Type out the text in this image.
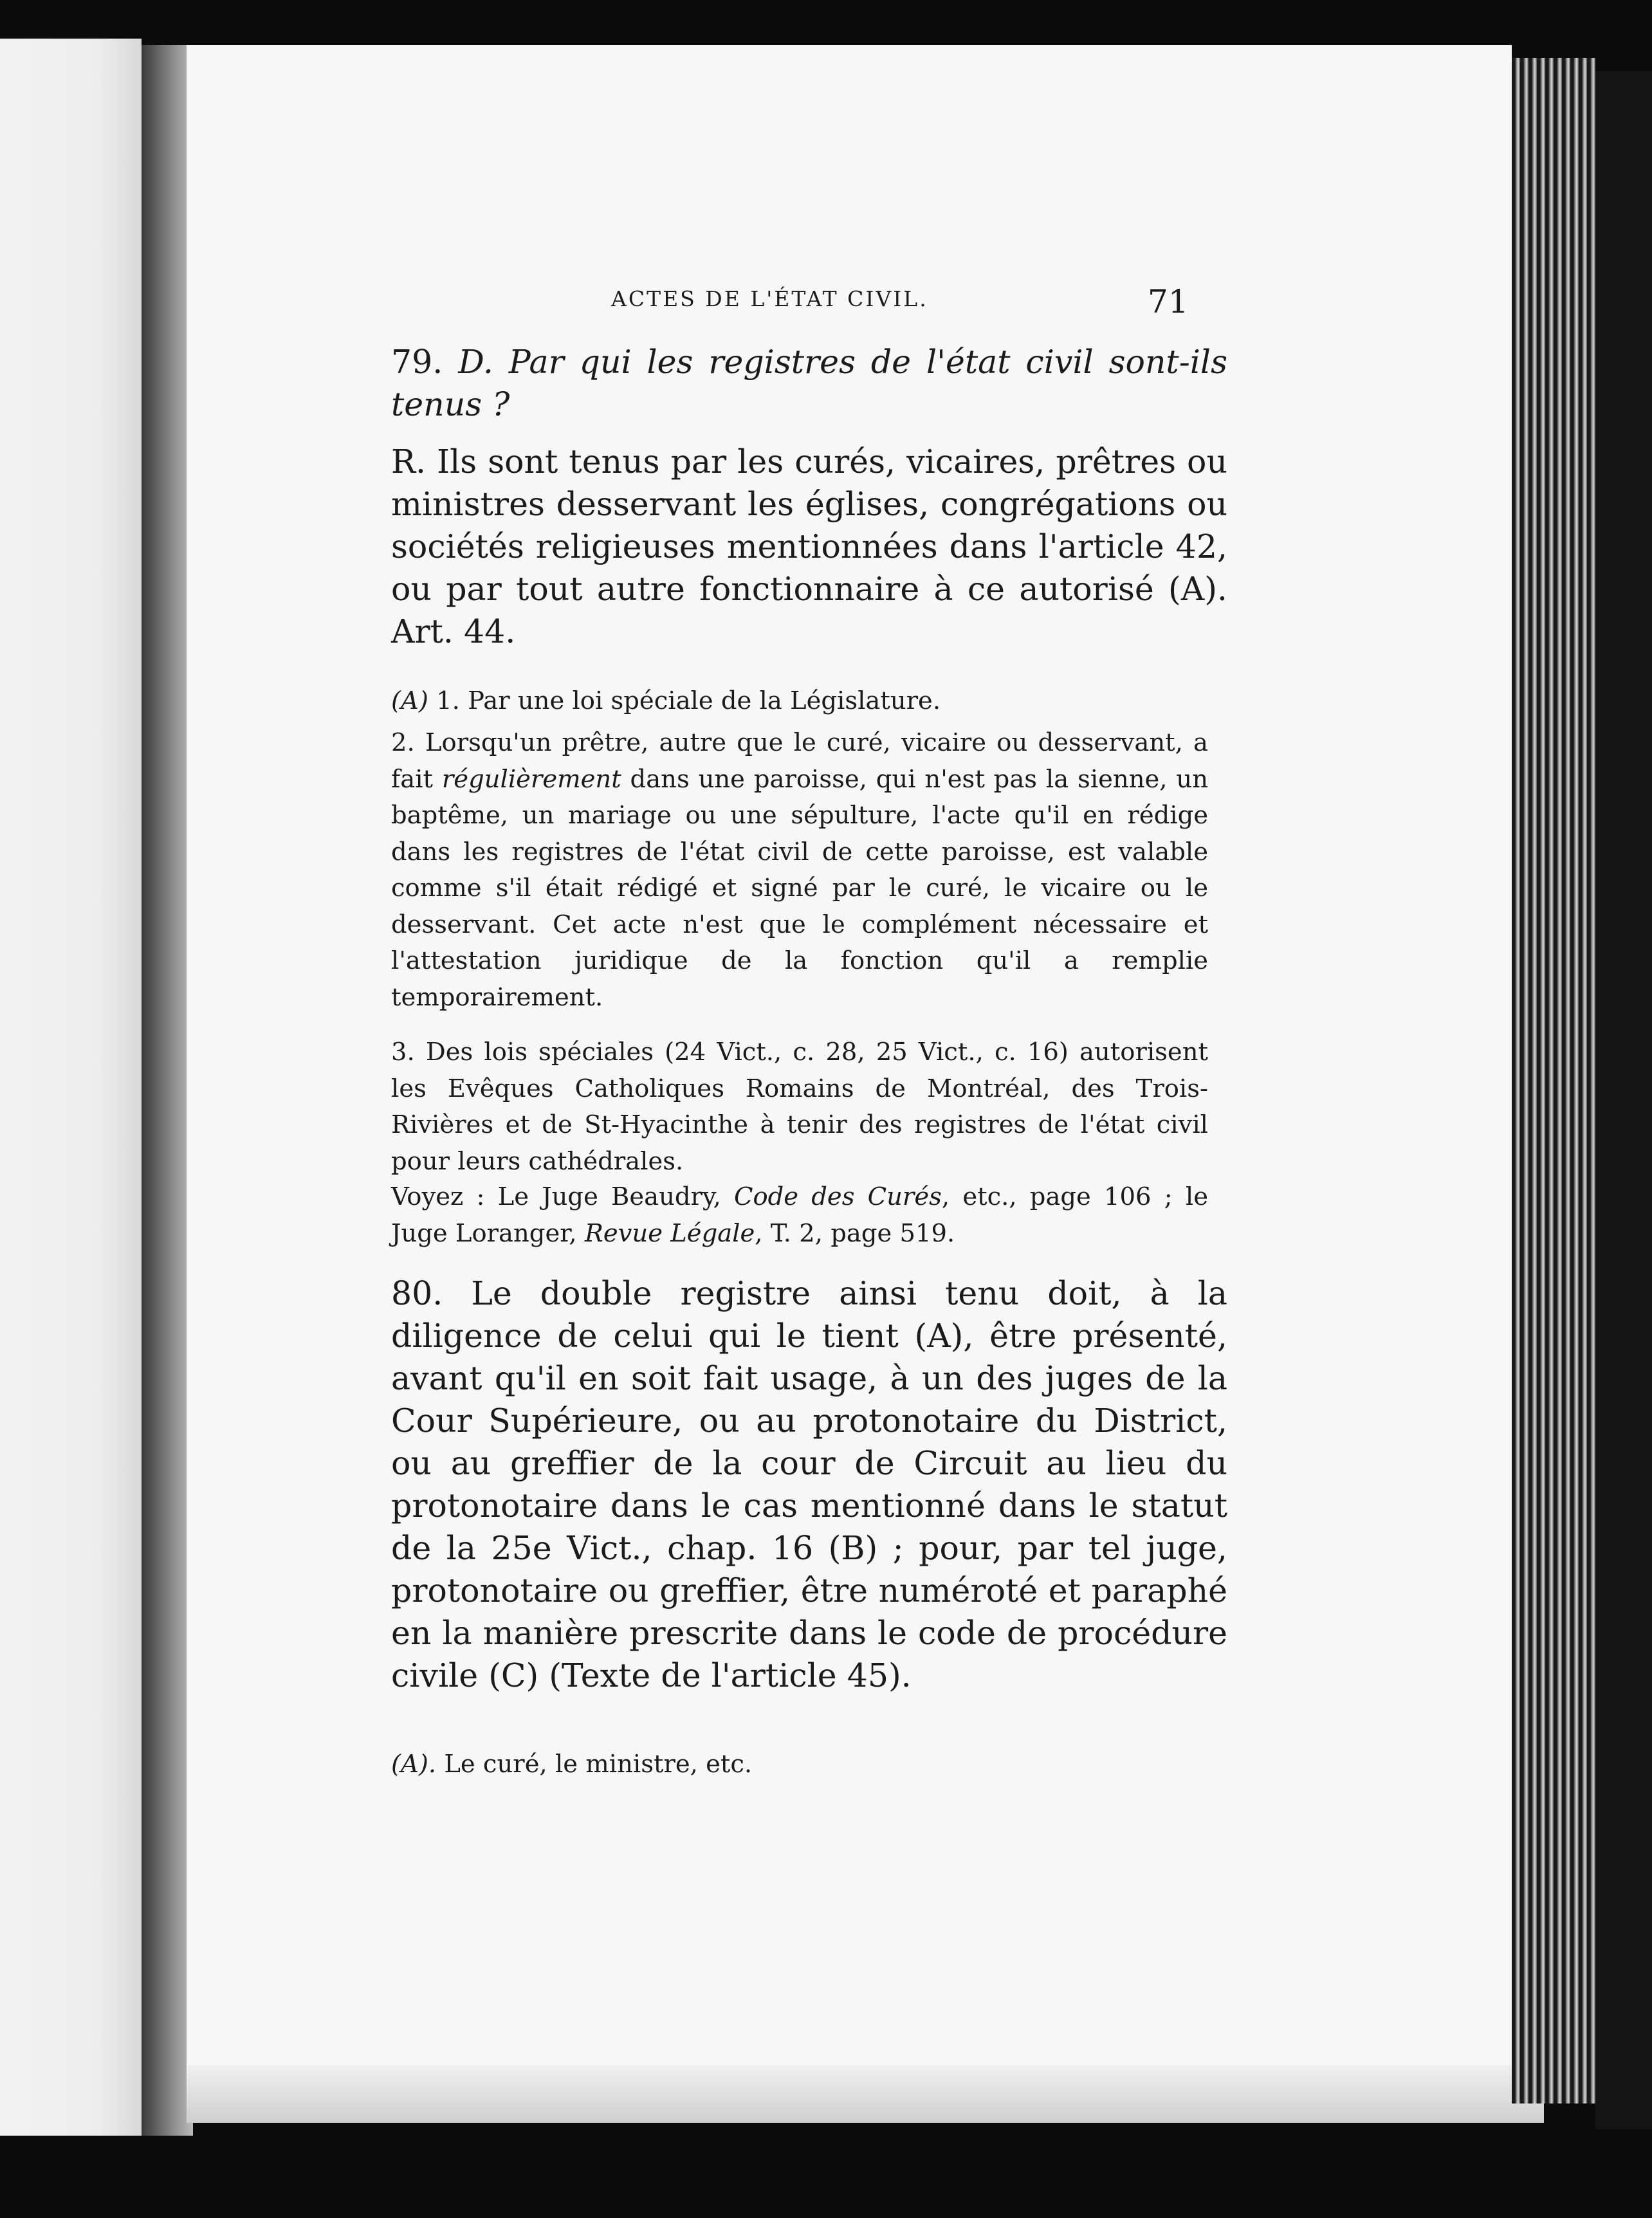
ACTES DE L'ÉTAT CIVIL.	71
79. D. Par qui les registres de l'état civil sont-ils tenus ?
R. Ils sont tenus par les curés, vicaires, prêtres ou ministres desservant les églises, congrégations ou sociétés religieuses mentionnées dans l'article 42, ou par tout autre fonctionnaire à ce autorisé (A). Art. 44.
(A) 1. Par une loi spéciale de la Législature.
2. Lorsqu'un prêtre, autre que le curé, vicaire ou desservant, a fait régulièrement dans une paroisse, qui n'est pas la sienne, un baptême, un mariage ou une sépulture, l'acte qu'il en rédige dans les registres de l'état civil de cette paroisse, est valable comme s'il était rédigé et signé par le curé, le vicaire ou le desservant. Cet acte n'est que le complément nécessaire et l'attestation juridique de la fonction qu'il a remplie temporairement.
3. Des lois spéciales (24 Vict., c. 28, 25 Vict., c. 16) autorisent les Evêques Catholiques Romains de Montréal, des Trois-Rivières et de St-Hyacinthe à tenir des registres de l'état civil pour leurs cathédrales.
Voyez : Le Juge Beaudry, Code des Curés, etc., page 106 ; le Juge Loranger, Revue Légale, T. 2, page 519.
80. Le double registre ainsi tenu doit, à la diligence de celui qui le tient (A), être présenté, avant qu'il en soit fait usage, à un des juges de la Cour Supérieure, ou au protonotaire du District, ou au greffier de la cour de Circuit au lieu du protonotaire dans le cas mentionné dans le statut de la 25e Vict., chap. 16 (B) ; pour, par tel juge, protonotaire ou greffier, être numéroté et paraphé en la manière prescrite dans le code de procédure civile (C) (Texte de l'article 45).
(A). Le curé, le ministre, etc.
